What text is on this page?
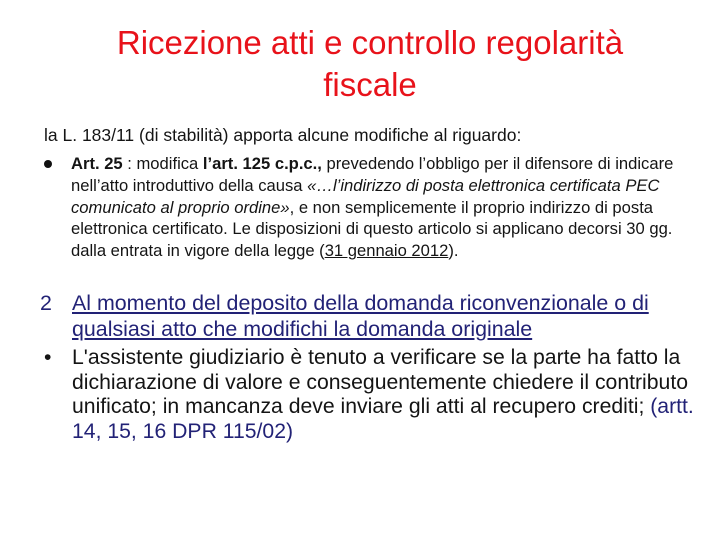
Ricezione atti e controllo regolarità
fiscale
la L. 183/11 (di stabilità) apporta alcune modifiche al riguardo:
Art. 25 : modifica l’art. 125 c.p.c., prevedendo l’obbligo per il difensore di indicare nell’atto introduttivo della causa «…l’indirizzo di posta elettronica certificata PEC comunicato al proprio ordine», e non semplicemente il proprio indirizzo di posta elettronica certificato. Le disposizioni di questo articolo si applicano decorsi 30 gg. dalla entrata in vigore della legge (31 gennaio 2012).
2 Al momento del deposito della domanda riconvenzionale o di qualsiasi atto che modifichi la domanda originale
• L'assistente giudiziario è tenuto a verificare se la parte ha fatto la dichiarazione di valore e conseguentemente chiedere il contributo unificato; in mancanza deve inviare gli atti al recupero crediti; (artt. 14, 15, 16 DPR 115/02)
